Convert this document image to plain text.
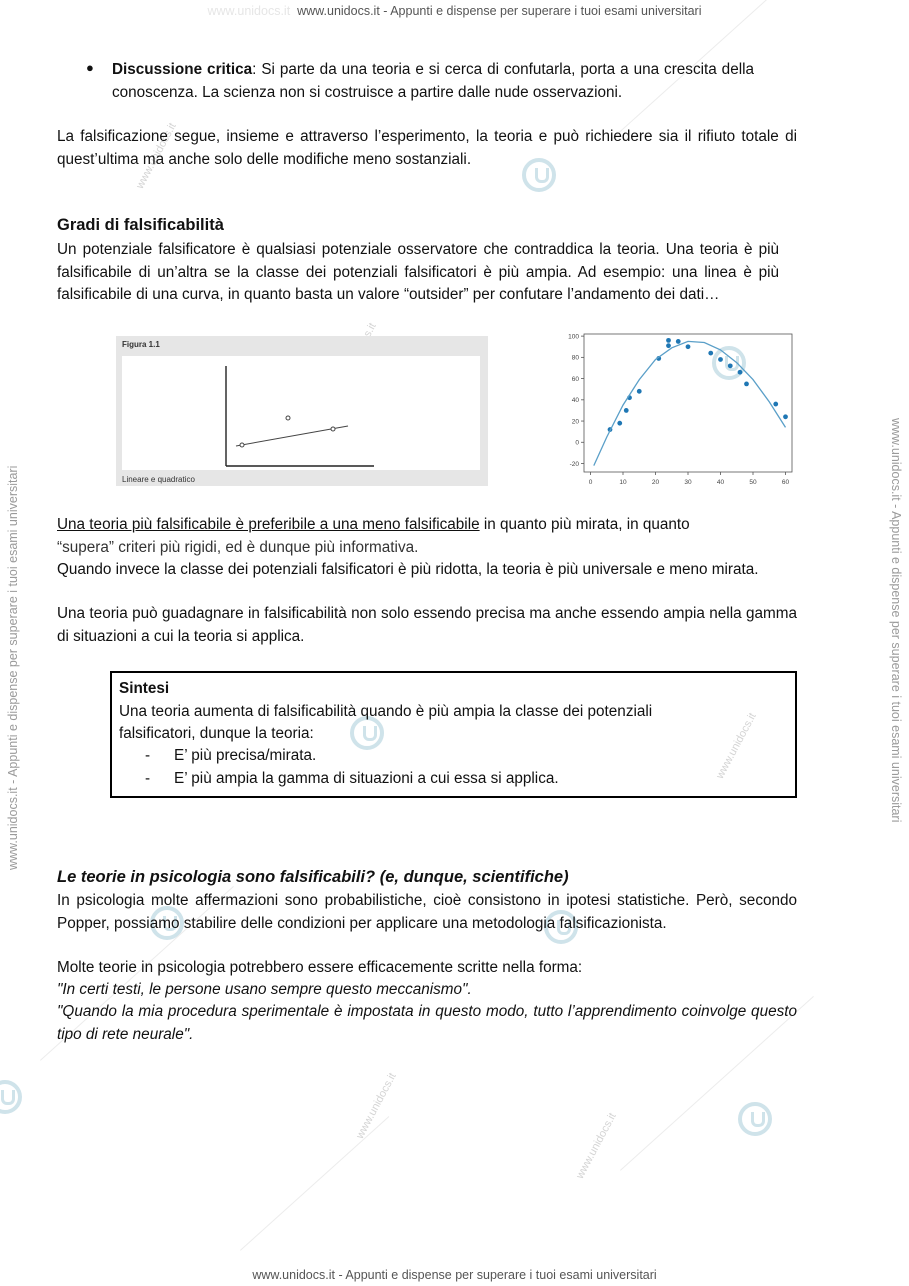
www.unidocs.it  www.unidocs.it - Appunti e dispense per superare i tuoi esami universitari
www.unidocs.it - Appunti e dispense per superare i tuoi esami universitari
www.unidocs.it - Appunti e dispense per superare i tuoi esami universitari	www.unidocs.it - Appunti e dispense per superare i tuoi esami universitari
www.unidocs.it
www.unidocs.it
www.unidocs.it
www.unidocs.it
● Discussione critica: Si parte da una teoria e si cerca di confutarla, porta a una crescita della conoscenza. La scienza non si costruisce a partire dalle nude osservazioni.
La falsificazione segue, insieme e attraverso l’esperimento, la teoria e può richiedere sia il rifiuto totale di quest’ultima ma anche solo delle modifiche meno sostanziali.
Gradi di falsificabilità
Un potenziale falsificatore è qualsiasi potenziale osservatore che contraddica la teoria. Una teoria è più falsificabile di un’altra se la classe dei potenziali falsificatori è più ampia. Ad esempio: una linea è più falsificabile di una curva, in quanto basta un valore “outsider” per confutare l’andamento dei dati…
Figura 1.1
Lineare e quadratico	0	10	20	30	40	50	60
-20
0
20
40
60
80
100
Una teoria più falsificabile è preferibile a una meno falsificabile in quanto più mirata, in quanto
“supera” criteri più rigidi, ed è dunque più informativa.
Quando invece la classe dei potenziali falsificatori è più ridotta, la teoria è più universale e meno mirata.
Una teoria può guadagnare in falsificabilità non solo essendo precisa ma anche essendo ampia nella gamma di situazioni a cui la teoria si applica.
Sintesi
Una teoria aumenta di falsificabilità quando è più ampia la classe dei potenziali
falsificatori, dunque la teoria:
- E’ più precisa/mirata.
- E’ più ampia la gamma di situazioni a cui essa si applica.
Le teorie in psicologia sono falsificabili? (e, dunque, scientifiche)
In psicologia molte affermazioni sono probabilistiche, cioè consistono in ipotesi statistiche. Però, secondo Popper, possiamo stabilire delle condizioni per applicare una metodologia falsificazionista.
Molte teorie in psicologia potrebbero essere efficacemente scritte nella forma:
"In certi testi, le persone usano sempre questo meccanismo".
"Quando la mia procedura sperimentale è impostata in questo modo, tutto l’apprendimento coinvolge questo tipo di rete neurale".
